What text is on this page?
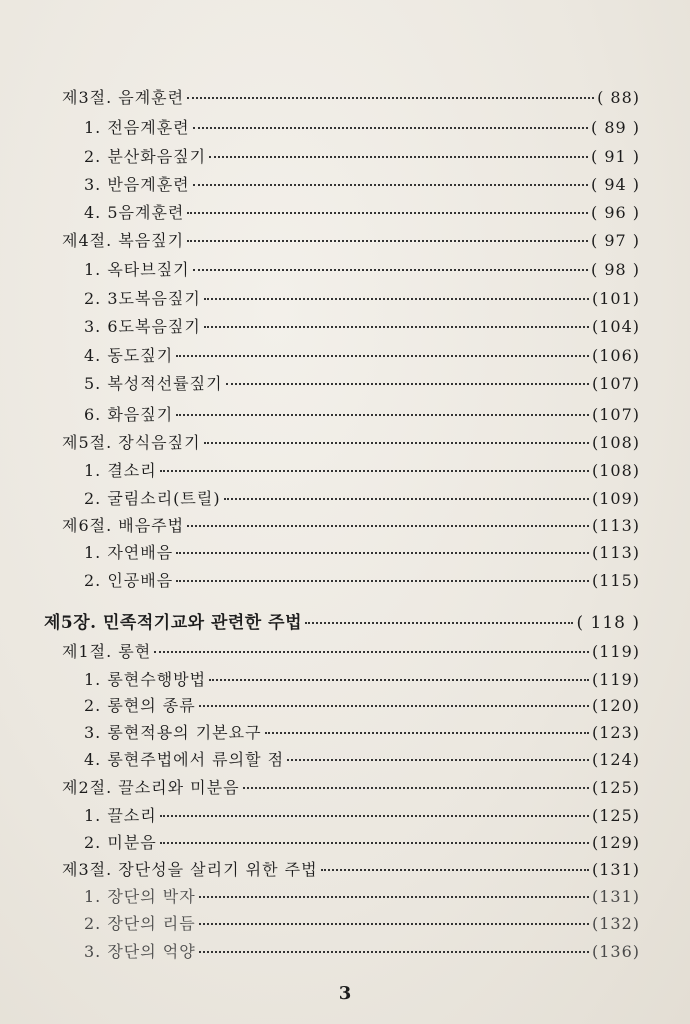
제3절. 음계훈련	( 88)
1. 전음계훈련	( 89 )
2. 분산화음짚기	( 91 )
3. 반음계훈련	( 94 )
4. 5음계훈련	( 96 )
제4절. 복음짚기	( 97 )
1. 옥타브짚기	( 98 )
2. 3도복음짚기	(101)
3. 6도복음짚기	(104)
4. 동도짚기	(106)
5. 복성적선률짚기	(107)
6. 화음짚기	(107)
제5절. 장식음짚기	(108)
1. 결소리	(108)
2. 굴림소리(트릴)	(109)
제6절. 배음주법	(113)
1. 자연배음	(113)
2. 인공배음	(115)
제5장. 민족적기교와 관련한 주법	( 118 )
제1절. 롱현	(119)
1. 롱현수행방법	(119)
2. 롱현의 종류	(120)
3. 롱현적용의 기본요구	(123)
4. 롱현주법에서 류의할 점	(124)
제2절. 끌소리와 미분음	(125)
1. 끌소리	(125)
2. 미분음	(129)
제3절. 장단성을 살리기 위한 주법	(131)
1. 장단의 박자	(131)
2. 장단의 리듬	(132)
3. 장단의 억양	(136)
3
